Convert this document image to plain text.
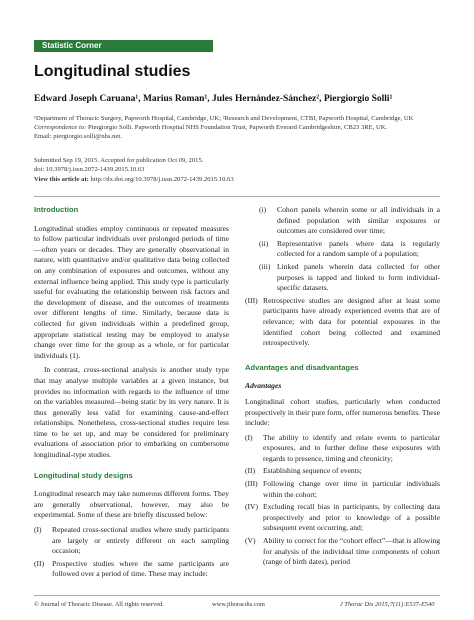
Statistic Corner
Longitudinal studies
Edward Joseph Caruana¹, Marius Roman¹, Jules Hernández-Sánchez², Piergiorgio Solli¹
¹Department of Thoracic Surgery, Papworth Hospital, Cambridge, UK; ²Research and Development, CTBI, Papworth Hospital, Cambridge, UK
Correspondence to: Piergiorgio Solli. Papworth Hospital NHS Foundation Trust, Papworth Everard Cambridgeshire, CB23 3RE, UK.
Email: piergiorgio.solli@nhs.net.
Submitted Sep 19, 2015. Accepted for publication Oct 09, 2015.
doi: 10.3978/j.issn.2072-1439.2015.10.63
View this article at: http://dx.doi.org/10.3978/j.issn.2072-1439.2015.10.63
Introduction

Longitudinal studies employ continuous or repeated measures to follow particular individuals over prolonged periods of time—often years or decades. They are generally observational in nature, with quantitative and/or qualitative data being collected on any combination of exposures and outcomes, without any external influence being applied. This study type is particularly useful for evaluating the relationship between risk factors and the development of disease, and the outcomes of treatments over different lengths of time. Similarly, because data is collected for given individuals within a predefined group, appropriate statistical testing may be employed to analyse change over time for the group as a whole, or for particular individuals (1).

In contrast, cross-sectional analysis is another study type that may analyse multiple variables at a given instance, but provides no information with regards to the influence of time on the variables measured—being static by its very nature. It is thus generally less valid for examining cause-and-effect relationships. Nonetheless, cross-sectional studies require less time to be set up, and may be considered for preliminary evaluations of association prior to embarking on cumbersome longitudinal-type studies.

Longitudinal study designs

Longitudinal research may take numerous different forms. They are generally observational, however, may also be experimental. Some of these are briefly discussed below:

(I)	Repeated cross-sectional studies where study participants are largely or entirely different on each sampling occasion;
(II)	Prospective studies where the same participants are followed over a period of time. These may include:
(i)	Cohort panels wherein some or all individuals in a defined population with similar exposures or outcomes are considered over time;
(ii)	Representative panels where data is regularly collected for a random sample of a population;
(iii) Linked panels wherein data collected for other purposes is tapped and linked to form individual-specific datasets.
(III) Retrospective studies are designed after at least some participants have already experienced events that are of relevance; with data for potential exposures in the identified cohort being collected and examined retrospectively.
Advantages and disadvantages
Advantages

Longitudinal cohort studies, particularly when conducted prospectively in their pure form, offer numerous benefits. These include:

(I)	The ability to identify and relate events to particular exposures, and to further define these exposures with regards to presence, timing and chronicity;
(II)	Establishing sequence of events;
(III) Following change over time in particular individuals within the cohort;
(IV) Excluding recall bias in participants, by collecting data prospectively and prior to knowledge of a possible subsequent event occurring, and;
(V) Ability to correct for the “cohort effect”—that is allowing for analysis of the individual time components of cohort (range of birth dates), period
© Journal of Thoracic Disease. All rights reserved.	www.jthoracdis.com	J Thorac Dis 2015;7(11):E537-E540
